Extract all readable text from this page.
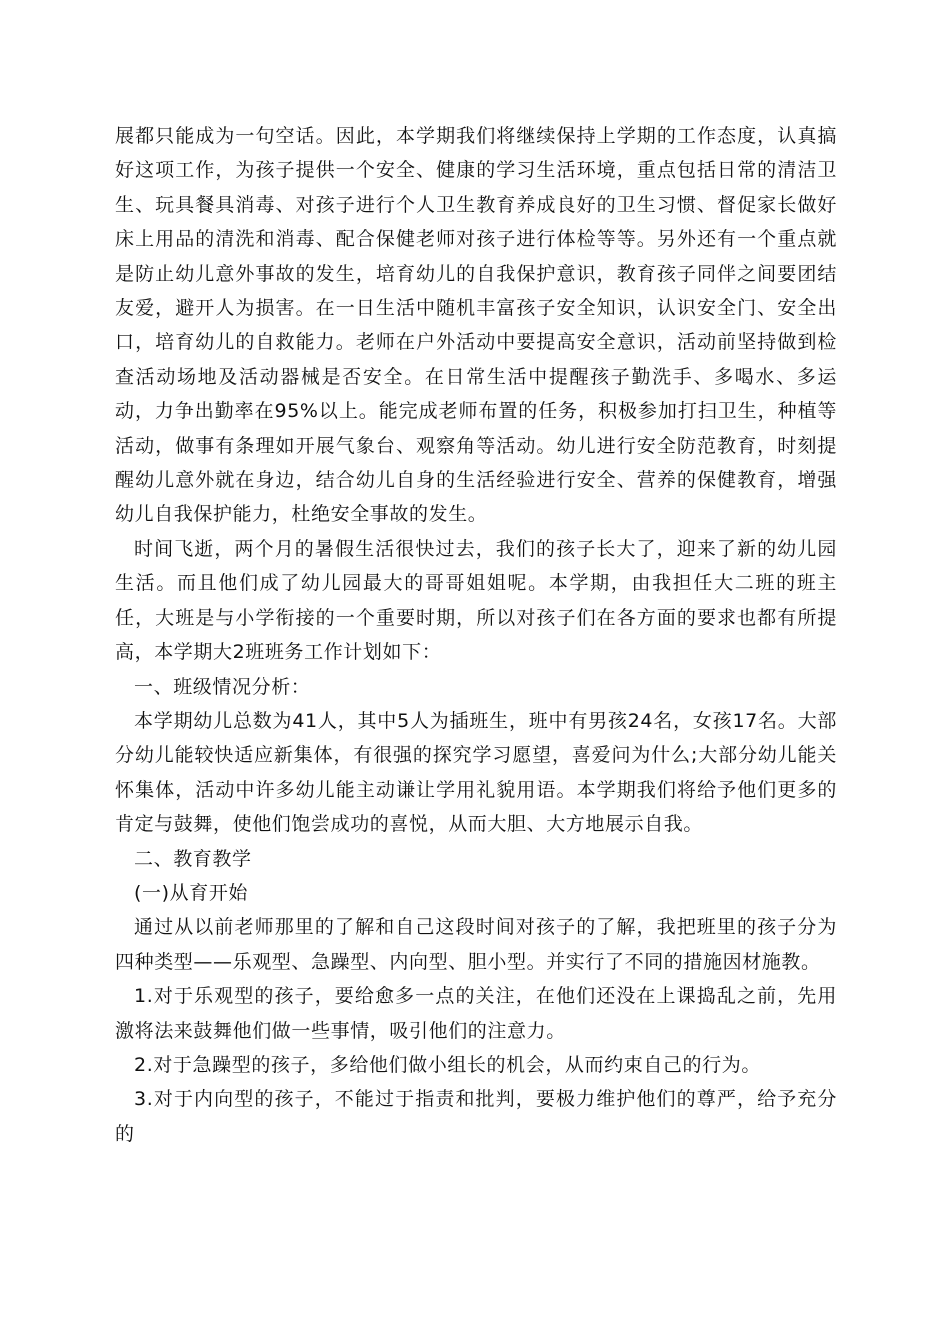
展都只能成为一句空话。因此，本学期我们将继续保持上学期的工作态度，认真搞好这项工作，为孩子提供一个安全、健康的学习生活环境，重点包括日常的清洁卫生、玩具餐具消毒、对孩子进行个人卫生教育养成良好的卫生习惯、督促家长做好床上用品的清洗和消毒、配合保健老师对孩子进行体检等等。另外还有一个重点就是防止幼儿意外事故的发生，培育幼儿的自我保护意识，教育孩子同伴之间要团结友爱，避开人为损害。在一日生活中随机丰富孩子安全知识，认识安全门、安全出口，培育幼儿的自救能力。老师在户外活动中要提高安全意识，活动前坚持做到检查活动场地及活动器械是否安全。在日常生活中提醒孩子勤洗手、多喝水、多运动，力争出勤率在95%以上。能完成老师布置的任务，积极参加打扫卫生，种植等活动，做事有条理如开展气象台、观察角等活动。幼儿进行安全防范教育，时刻提醒幼儿意外就在身边，结合幼儿自身的生活经验进行安全、营养的保健教育，增强幼儿自我保护能力，杜绝安全事故的发生。

时间飞逝，两个月的暑假生活很快过去，我们的孩子长大了，迎来了新的幼儿园生活。而且他们成了幼儿园最大的哥哥姐姐呢。本学期，由我担任大二班的班主任，大班是与小学衔接的一个重要时期，所以对孩子们在各方面的要求也都有所提高，本学期大2班班务工作计划如下：

一、班级情况分析：

本学期幼儿总数为41人，其中5人为插班生，班中有男孩24名，女孩17名。大部分幼儿能较快适应新集体，有很强的探究学习愿望，喜爱问为什么;大部分幼儿能关怀集体，活动中许多幼儿能主动谦让学用礼貌用语。本学期我们将给予他们更多的肯定与鼓舞，使他们饱尝成功的喜悦，从而大胆、大方地展示自我。

二、教育教学

(一)从育开始

通过从以前老师那里的了解和自己这段时间对孩子的了解，我把班里的孩子分为四种类型——乐观型、急躁型、内向型、胆小型。并实行了不同的措施因材施教。

1.对于乐观型的孩子，要给愈多一点的关注，在他们还没在上课捣乱之前，先用激将法来鼓舞他们做一些事情，吸引他们的注意力。

2.对于急躁型的孩子，多给他们做小组长的机会，从而约束自己的行为。

3.对于内向型的孩子，不能过于指责和批判，要极力维护他们的尊严，给予充分的
